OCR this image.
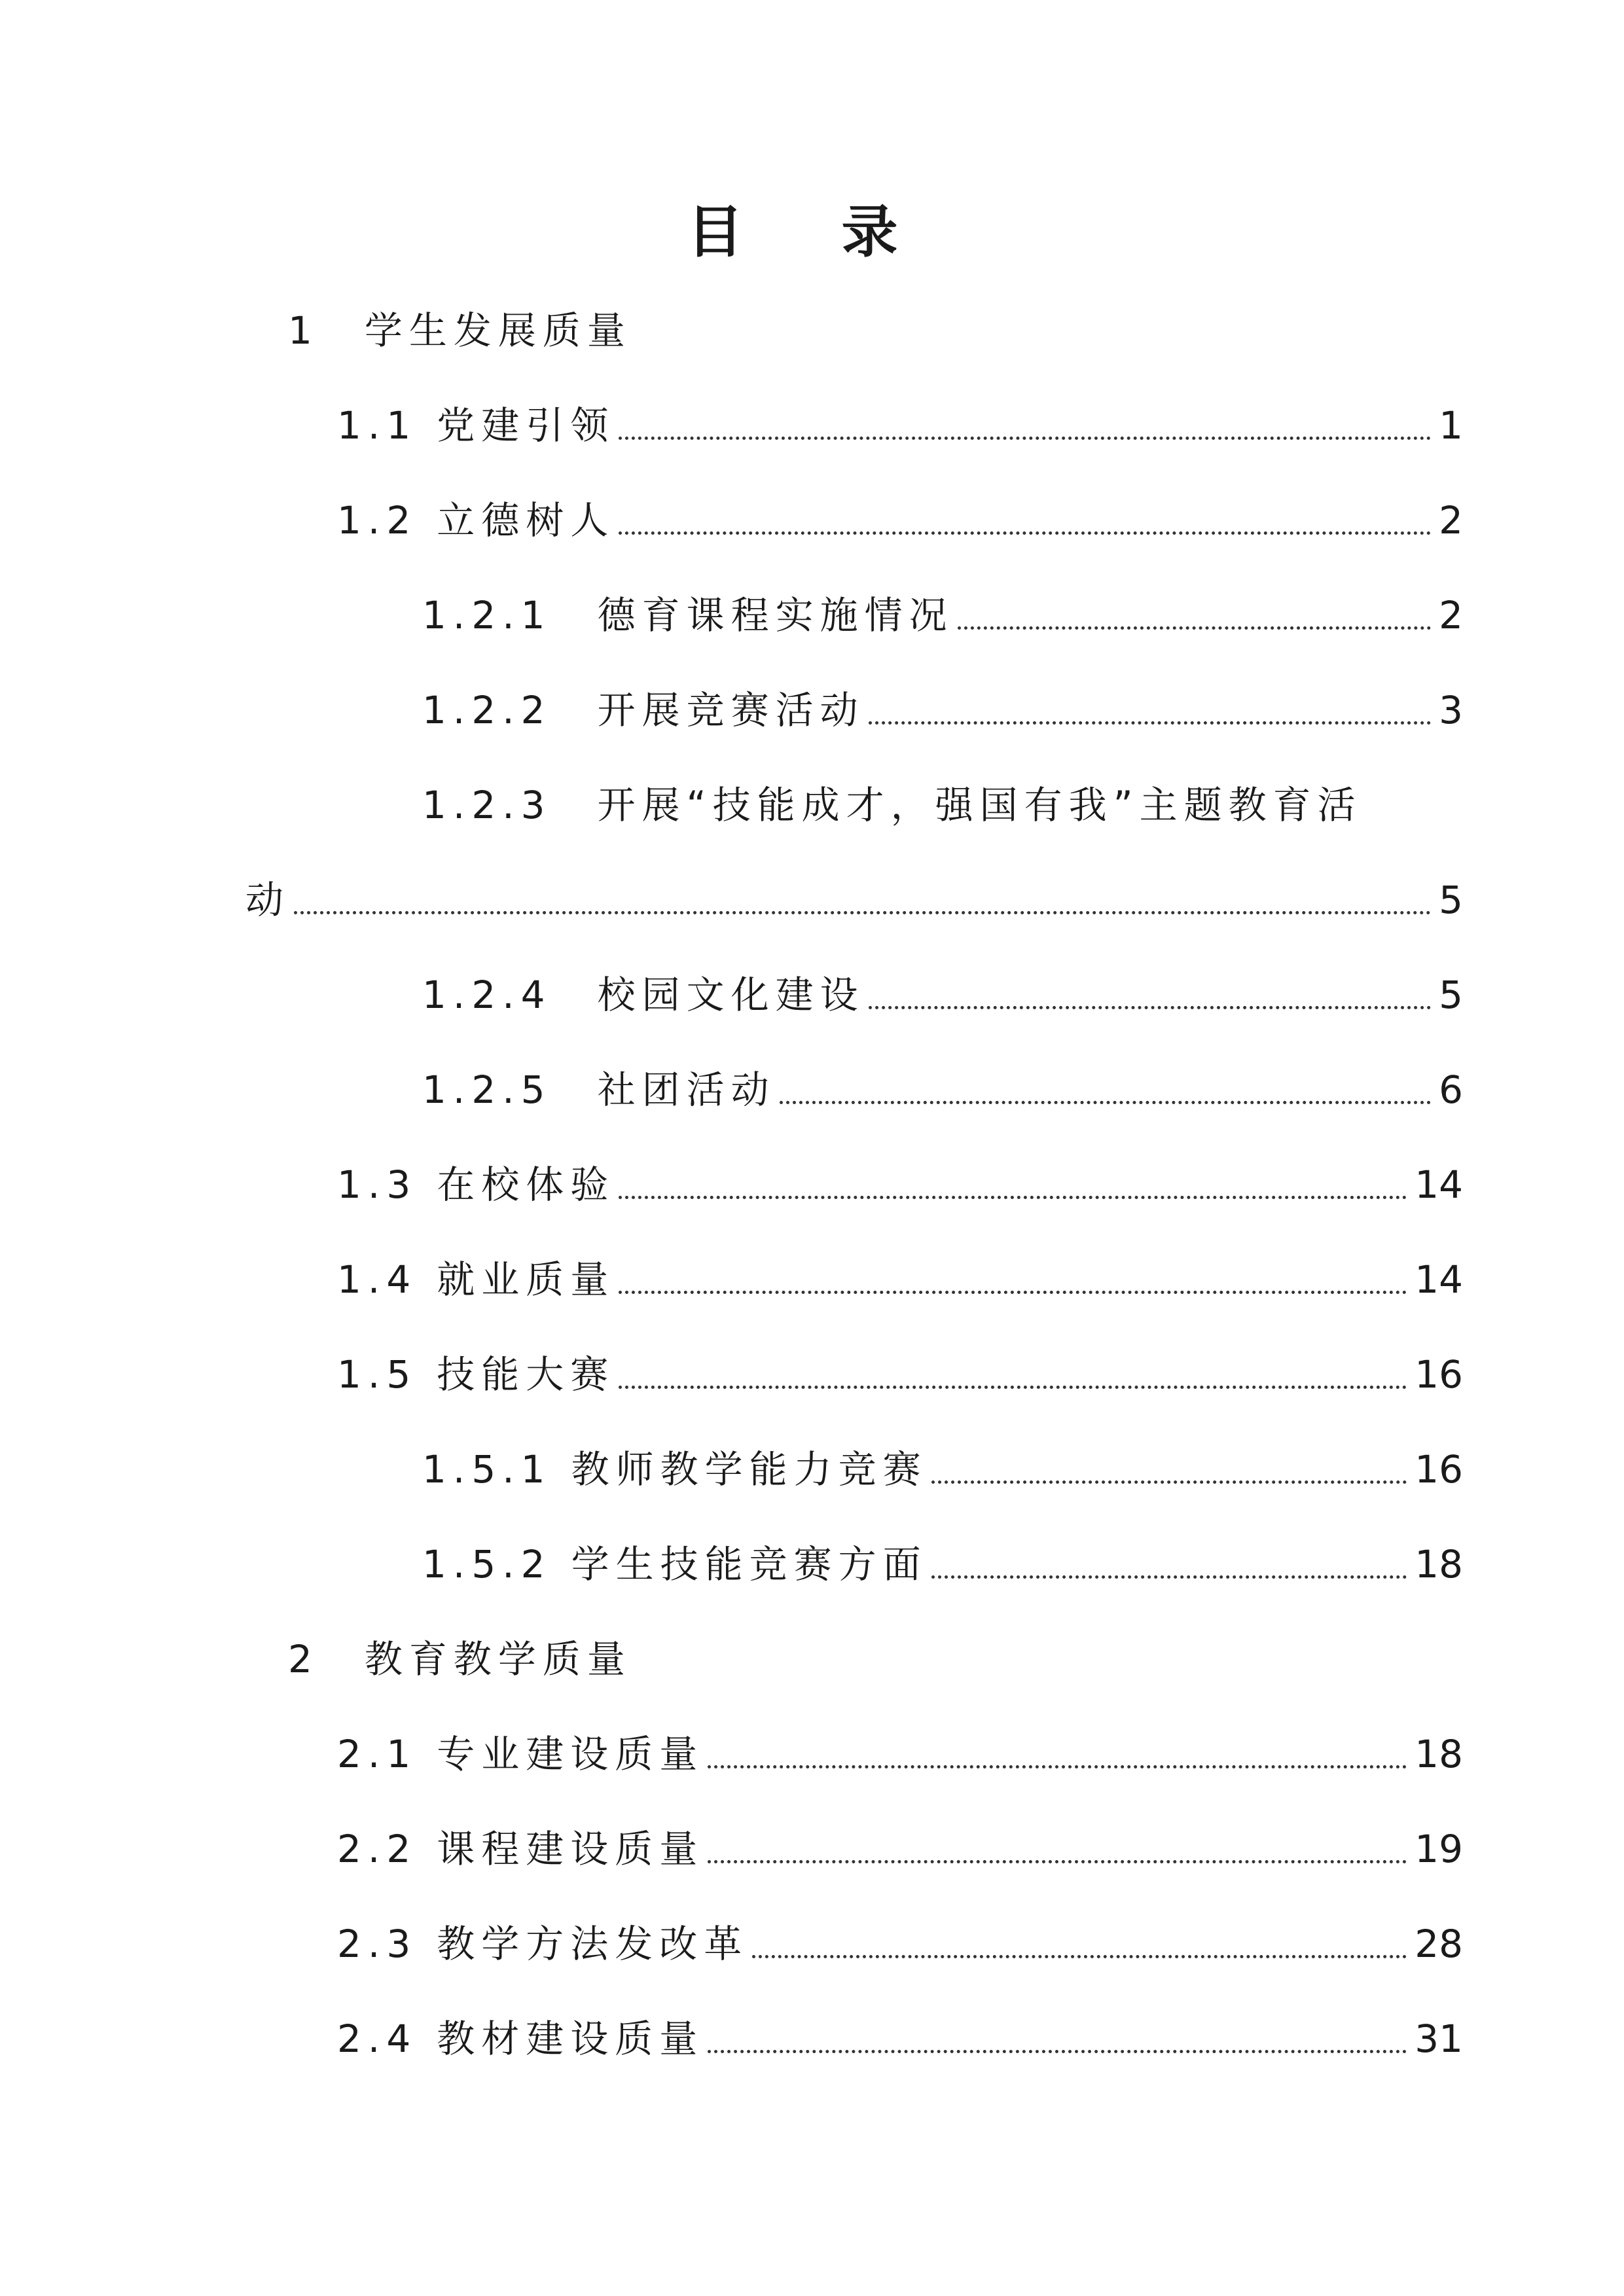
目 录
1 学生发展质量
1.1 党建引领	1
1.2 立德树人	2
1.2.1 德育课程实施情况	2
1.2.2 开展竞赛活动	3
1.2.3 开展“技能成才，强国有我”主题教育活
动	5
1.2.4 校园文化建设	5
1.2.5 社团活动	6
1.3 在校体验	14
1.4 就业质量	14
1.5 技能大赛	16
1.5.1 教师教学能力竞赛	16
1.5.2 学生技能竞赛方面	18
2 教育教学质量
2.1 专业建设质量	18
2.2 课程建设质量	19
2.3 教学方法发改革	28
2.4 教材建设质量	31
